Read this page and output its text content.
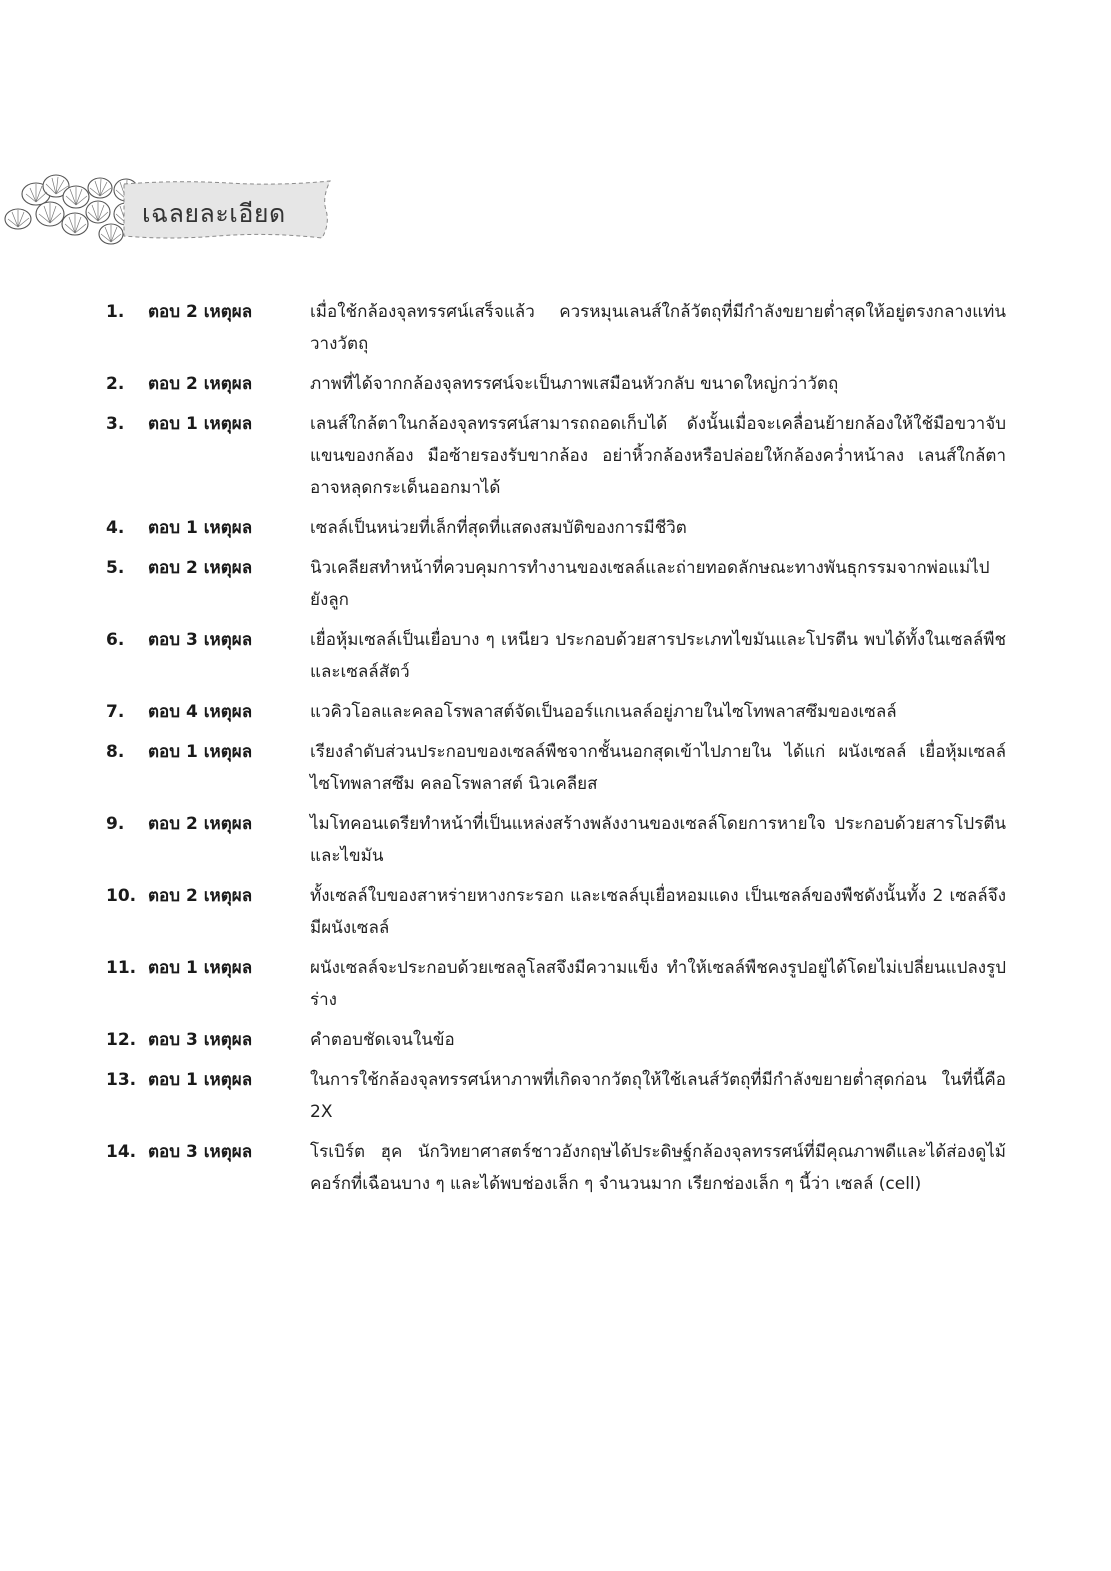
เฉลยละเอียด
1.	ตอบ 2 เหตุผล	เมื่อใช้กล้องจุลทรรศน์เสร็จแล้ว ควรหมุนเลนส์ใกล้วัตถุที่มีกำลังขยายต่ำสุดให้อยู่ตรงกลางแท่นวางวัตถุ
2.	ตอบ 2 เหตุผล	ภาพที่ได้จากกล้องจุลทรรศน์จะเป็นภาพเสมือนหัวกลับ ขนาดใหญ่กว่าวัตถุ
3.	ตอบ 1 เหตุผล	เลนส์ใกล้ตาในกล้องจุลทรรศน์สามารถถอดเก็บได้ ดังนั้นเมื่อจะเคลื่อนย้ายกล้องให้ใช้มือขวาจับแขนของกล้อง มือซ้ายรองรับขากล้อง อย่าหิ้วกล้องหรือปล่อยให้กล้องคว่ำหน้าลง เลนส์ใกล้ตาอาจหลุดกระเด็นออกมาได้
4.	ตอบ 1 เหตุผล	เซลล์เป็นหน่วยที่เล็กที่สุดที่แสดงสมบัติของการมีชีวิต
5.	ตอบ 2 เหตุผล	นิวเคลียสทำหน้าที่ควบคุมการทำงานของเซลล์และถ่ายทอดลักษณะทางพันธุกรรมจากพ่อแม่ไปยังลูก
6.	ตอบ 3 เหตุผล	เยื่อหุ้มเซลล์เป็นเยื่อบาง ๆ เหนียว ประกอบด้วยสารประเภทไขมันและโปรตีน พบได้ทั้งในเซลล์พืชและเซลล์สัตว์
7.	ตอบ 4 เหตุผล	แวคิวโอลและคลอโรพลาสต์จัดเป็นออร์แกเนลล์อยู่ภายในไซโทพลาสซึมของเซลล์
8.	ตอบ 1 เหตุผล	เรียงลำดับส่วนประกอบของเซลล์พืชจากชั้นนอกสุดเข้าไปภายใน ได้แก่ ผนังเซลล์ เยื่อหุ้มเซลล์ ไซโทพลาสซึม คลอโรพลาสต์ นิวเคลียส
9.	ตอบ 2 เหตุผล	ไมโทคอนเดรียทำหน้าที่เป็นแหล่งสร้างพลังงานของเซลล์โดยการหายใจ ประกอบด้วยสารโปรตีนและไขมัน
10. ตอบ 2 เหตุผล	ทั้งเซลล์ใบของสาหร่ายหางกระรอก และเซลล์บุเยื่อหอมแดง เป็นเซลล์ของพืชดังนั้นทั้ง 2 เซลล์จึงมีผนังเซลล์
11. ตอบ 1 เหตุผล	ผนังเซลล์จะประกอบด้วยเซลลูโลสจึงมีความแข็ง ทำให้เซลล์พืชคงรูปอยู่ได้โดยไม่เปลี่ยนแปลงรูปร่าง
12. ตอบ 3 เหตุผล	คำตอบชัดเจนในข้อ
13. ตอบ 1 เหตุผล	ในการใช้กล้องจุลทรรศน์หาภาพที่เกิดจากวัตถุให้ใช้เลนส์วัตถุที่มีกำลังขยายต่ำสุดก่อน ในที่นี้คือ 2X
14. ตอบ 3 เหตุผล	โรเบิร์ต ฮุค นักวิทยาศาสตร์ชาวอังกฤษได้ประดิษฐ์กล้องจุลทรรศน์ที่มีคุณภาพดีและได้ส่องดูไม้คอร์กที่เฉือนบาง ๆ และได้พบช่องเล็ก ๆ จำนวนมาก เรียกช่องเล็ก ๆ นี้ว่า เซลล์ (cell)
